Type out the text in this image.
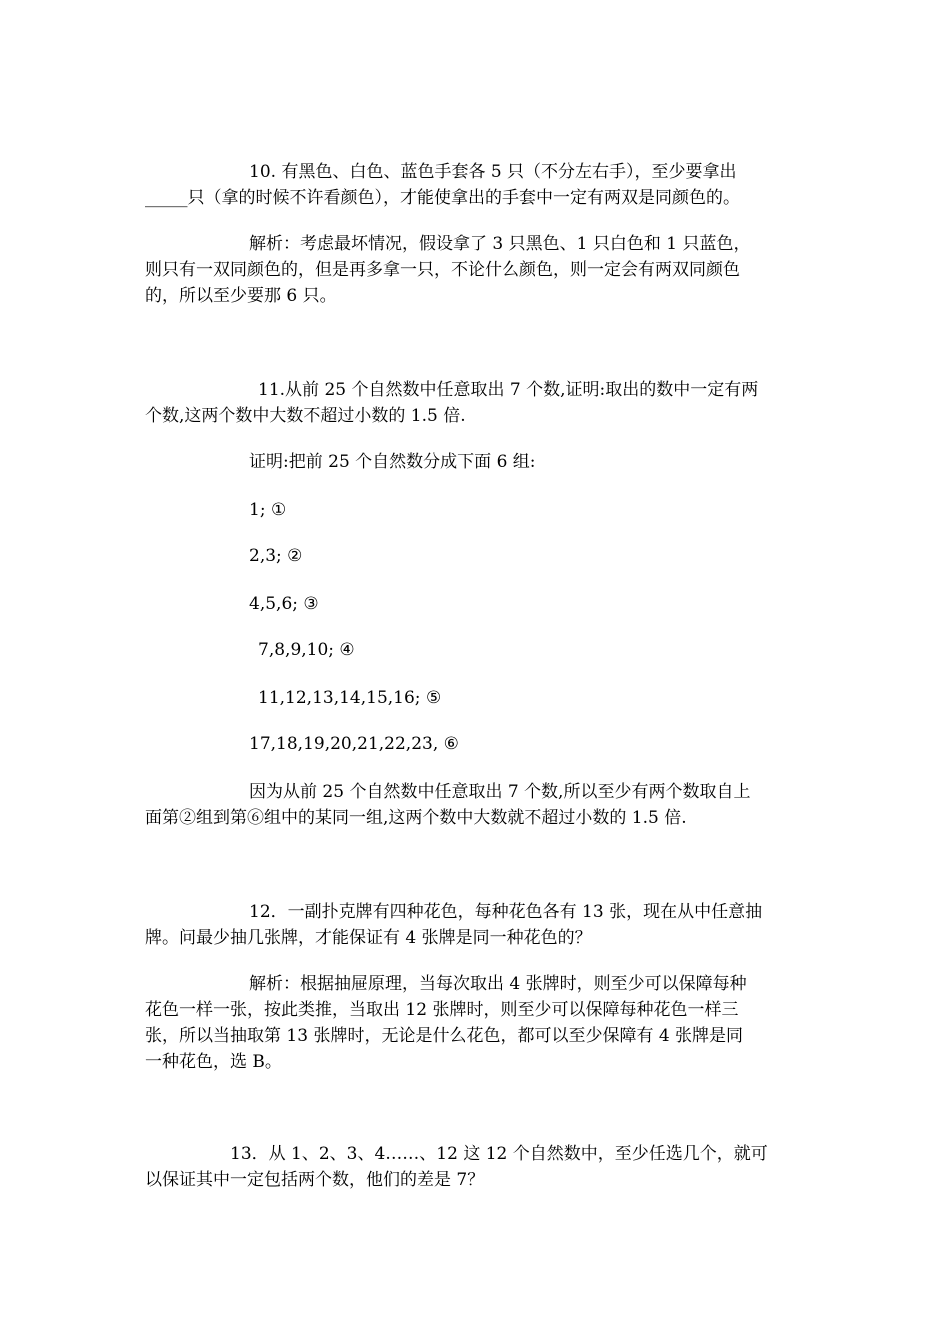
10. 有黑色、白色、蓝色手套各 5 只（不分左右手），至少要拿出

_____只（拿的时候不许看颜色），才能使拿出的手套中一定有两双是同颜色的。

解析：考虑最坏情况，假设拿了 3 只黑色、1 只白色和 1 只蓝色，

则只有一双同颜色的，但是再多拿一只，不论什么颜色，则一定会有两双同颜色

的，所以至少要那 6 只。

11.从前 25 个自然数中任意取出 7 个数,证明:取出的数中一定有两

个数,这两个数中大数不超过小数的 1.5 倍.

证明:把前 25 个自然数分成下面 6 组:

1; ①

2,3; ②

4,5,6; ③

7,8,9,10; ④

11,12,13,14,15,16; ⑤

17,18,19,20,21,22,23, ⑥

因为从前 25 个自然数中任意取出 7 个数,所以至少有两个数取自上

面第②组到第⑥组中的某同一组,这两个数中大数就不超过小数的 1.5 倍.

12．一副扑克牌有四种花色，每种花色各有 13 张，现在从中任意抽

牌。问最少抽几张牌，才能保证有 4 张牌是同一种花色的？

解析：根据抽屉原理，当每次取出 4 张牌时，则至少可以保障每种

花色一样一张，按此类推，当取出 12 张牌时，则至少可以保障每种花色一样三

张，所以当抽取第 13 张牌时，无论是什么花色，都可以至少保障有 4 张牌是同

一种花色，选 B。

13．从 1、2、3、4……、12 这 12 个自然数中，至少任选几个，就可

以保证其中一定包括两个数，他们的差是 7？
